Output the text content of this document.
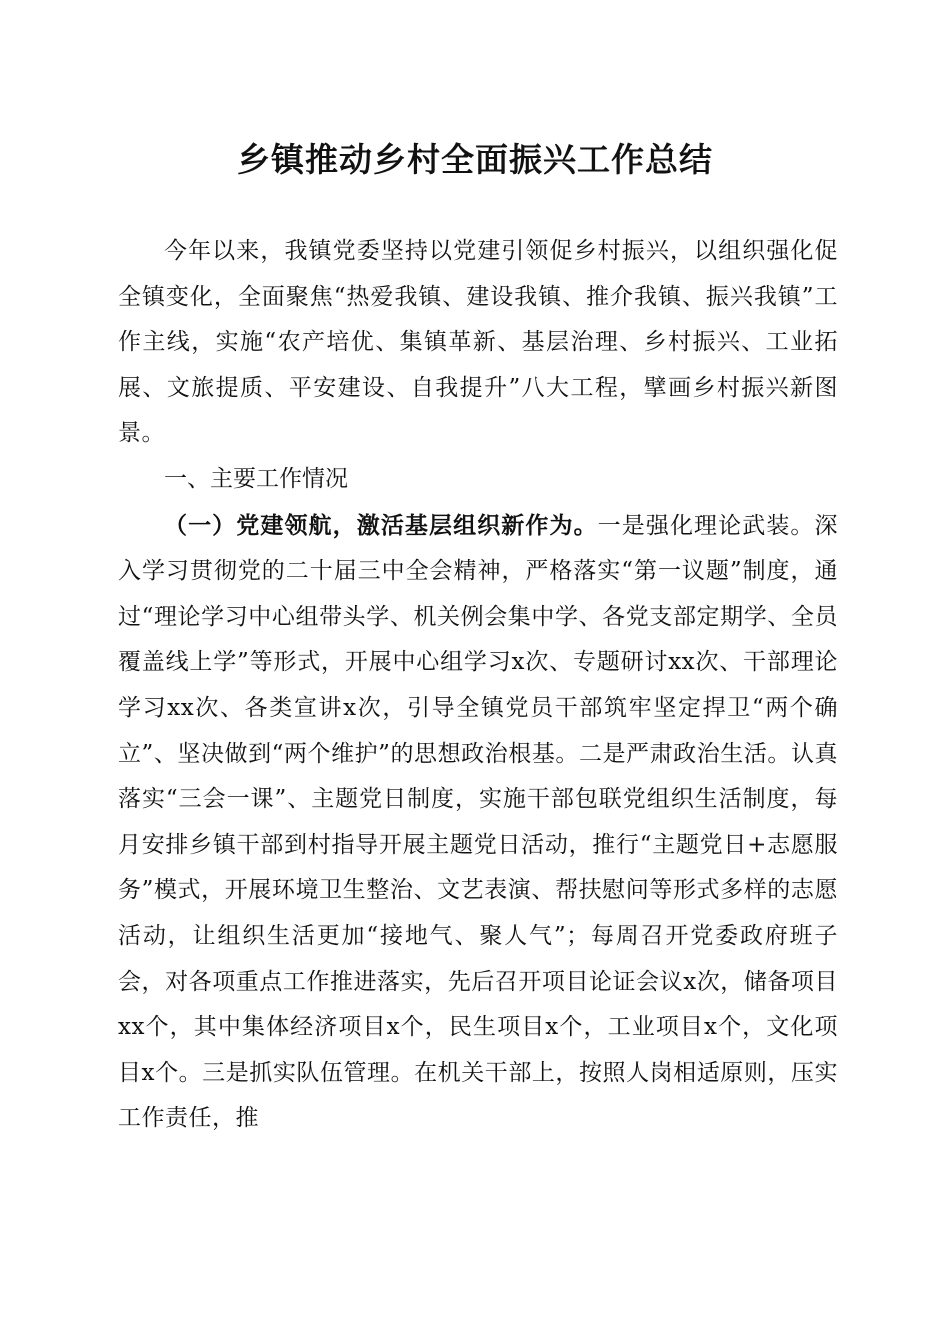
乡镇推动乡村全面振兴工作总结

今年以来，我镇党委坚持以党建引领促乡村振兴，以组织强化促全镇变化，全面聚焦“热爱我镇、建设我镇、推介我镇、振兴我镇”工作主线，实施“农产培优、集镇革新、基层治理、乡村振兴、工业拓展、文旅提质、平安建设、自我提升”八大工程，擘画乡村振兴新图景。

一、主要工作情况

（一）党建领航，激活基层组织新作为。一是强化理论武装。深入学习贯彻党的二十届三中全会精神，严格落实“第一议题”制度，通过“理论学习中心组带头学、机关例会集中学、各党支部定期学、全员覆盖线上学”等形式，开展中心组学习x次、专题研讨xx次、干部理论学习xx次、各类宣讲x次，引导全镇党员干部筑牢坚定捍卫“两个确立”、坚决做到“两个维护”的思想政治根基。二是严肃政治生活。认真落实“三会一课”、主题党日制度，实施干部包联党组织生活制度，每月安排乡镇干部到村指导开展主题党日活动，推行“主题党日+志愿服务”模式，开展环境卫生整治、文艺表演、帮扶慰问等形式多样的志愿活动，让组织生活更加“接地气、聚人气”；每周召开党委政府班子会，对各项重点工作推进落实，先后召开项目论证会议x次，储备项目xx个，其中集体经济项目x个，民生项目x个，工业项目x个，文化项目x个。三是抓实队伍管理。在机关干部上，按照人岗相适原则，压实工作责任，推
